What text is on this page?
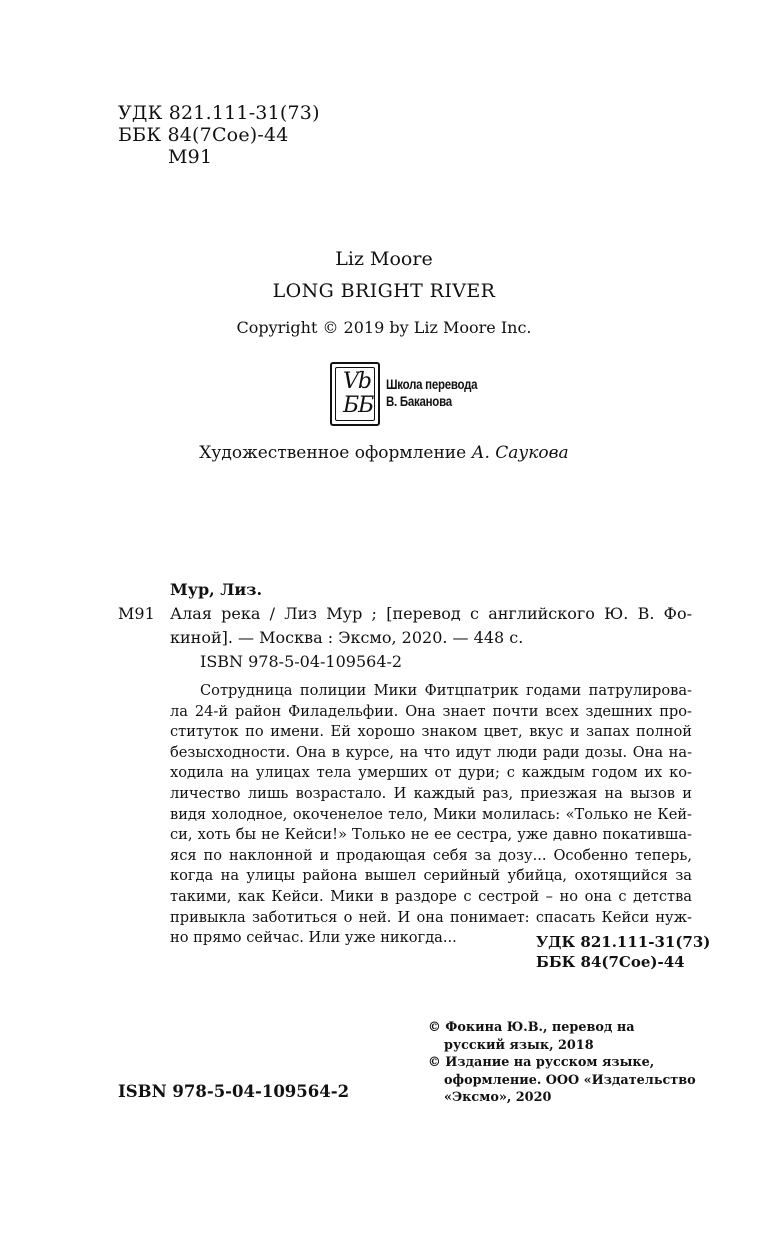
УДК 821.111-31(73)
ББК 84(7Сое)-44
М91
Liz Moore
LONG BRIGHT RIVER
Copyright © 2019 by Liz Moore Inc.
Vb
ББ
Школа перевода
В. Баканова
Художественное оформление А. Саукова
Мур, Лиз.
М91 Алая река / Лиз Мур ; [перевод с английского Ю. В. Фо-
киной]. — Москва : Эксмо, 2020. — 448 с.
ISBN 978-5-04-109564-2
Сотрудница полиции Мики Фитцпатрик годами патрулирова-
ла 24-й район Филадельфии. Она знает почти всех здешних про-
ституток по имени. Ей хорошо знаком цвет, вкус и запах полной
безысходности. Она в курсе, на что идут люди ради дозы. Она на-
ходила на улицах тела умерших от дури; с каждым годом их ко-
личество лишь возрастало. И каждый раз, приезжая на вызов и
видя холодное, окоченелое тело, Мики молилась: «Только не Кей-
си, хоть бы не Кейси!» Только не ее сестра, уже давно покативша-
яся по наклонной и продающая себя за дозу... Особенно теперь,
когда на улицы района вышел серийный убийца, охотящийся за
такими, как Кейси. Мики в раздоре с сестрой – но она с детства
привыкла заботиться о ней. И она понимает: спасать Кейси нуж-
но прямо сейчас. Или уже никогда...	УДК 821.111-31(73)
ББК 84(7Сое)-44
© Фокина Ю.В., перевод на
русский язык, 2018
© Издание на русском языке,
оформление. ООО «Издательство
«Эксмо», 2020
ISBN 978-5-04-109564-2
